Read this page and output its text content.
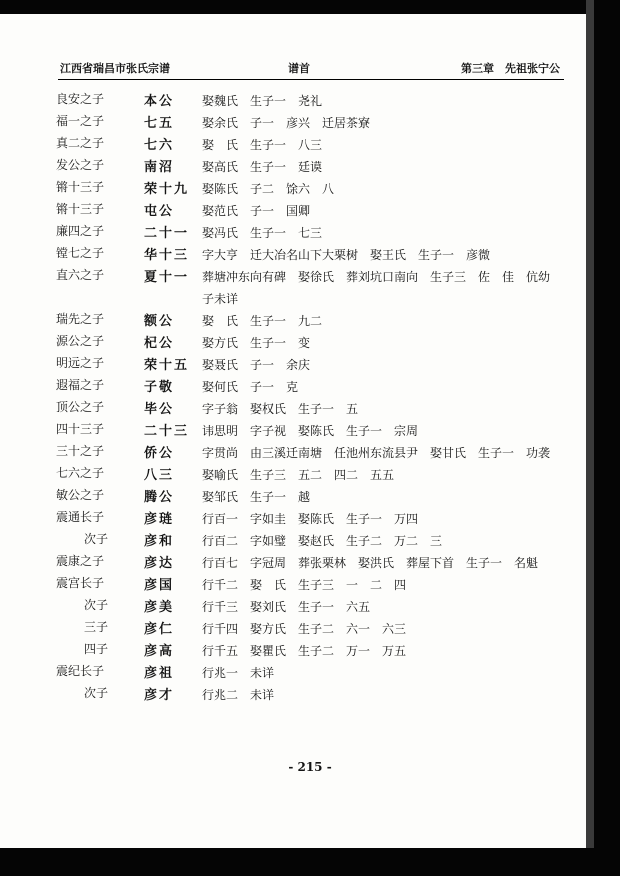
江西省瑞昌市张氏宗谱	谱首	第三章　先祖张宁公
良安之子	本公	娶魏氏　生子一　尧礼
福一之子	七五	娶余氏　子一　彦兴　迁居茶寮
真二之子	七六	娶　氏　生子一　八三
发公之子	南沼	娶高氏　生子一　廷谟
锵十三子	荣十九	娶陈氏　子二　馀六　八
锵十三子	屯公	娶范氏　子一　国卿
廉四之子	二十一	娶冯氏　生子一　七三
镗七之子	华十三	字大亨　迁大冶名山下大栗树　娶王氏　生子一　彦微
直六之子	夏十一	葬塘冲东向有碑　娶徐氏　葬刘坑口南向　生子三　佐　佳　伉幼子未详
瑞先之子	额公	娶　氏　生子一　九二
源公之子	杞公	娶方氏　生子一　变
明远之子	荣十五	娶聂氏　子一　余庆
遐福之子	子敬	娶何氏　子一　克
顶公之子	毕公	字子翁　娶权氏　生子一　五
四十三子	二十三	讳思明　字子视　娶陈氏　生子一　宗周
三十之子	侨公	字贯尚　由三溪迁南塘　任池州东流县尹　娶甘氏　生子一　功袭
七六之子	八三	娶喻氏　生子三　五二　四二　五五
敏公之子	腾公	娶邹氏　生子一　越
震通长子	彦琏	行百一　字如圭　娶陈氏　生子一　万四
次子	彦和	行百二　字如璧　娶赵氏　生子二　万二　三
震康之子	彦达	行百七　字冠周　葬张栗林　娶洪氏　葬屋下首　生子一　名魁
震宫长子	彦国	行千二　娶　氏　生子三　一　二　四
次子	彦美	行千三　娶刘氏　生子一　六五
三子	彦仁	行千四　娶方氏　生子二　六一　六三
四子	彦高	行千五　娶瞿氏　生子二　万一　万五
震纪长子	彦祖	行兆一　未详
次子	彦才	行兆二　未详
- 215 -
